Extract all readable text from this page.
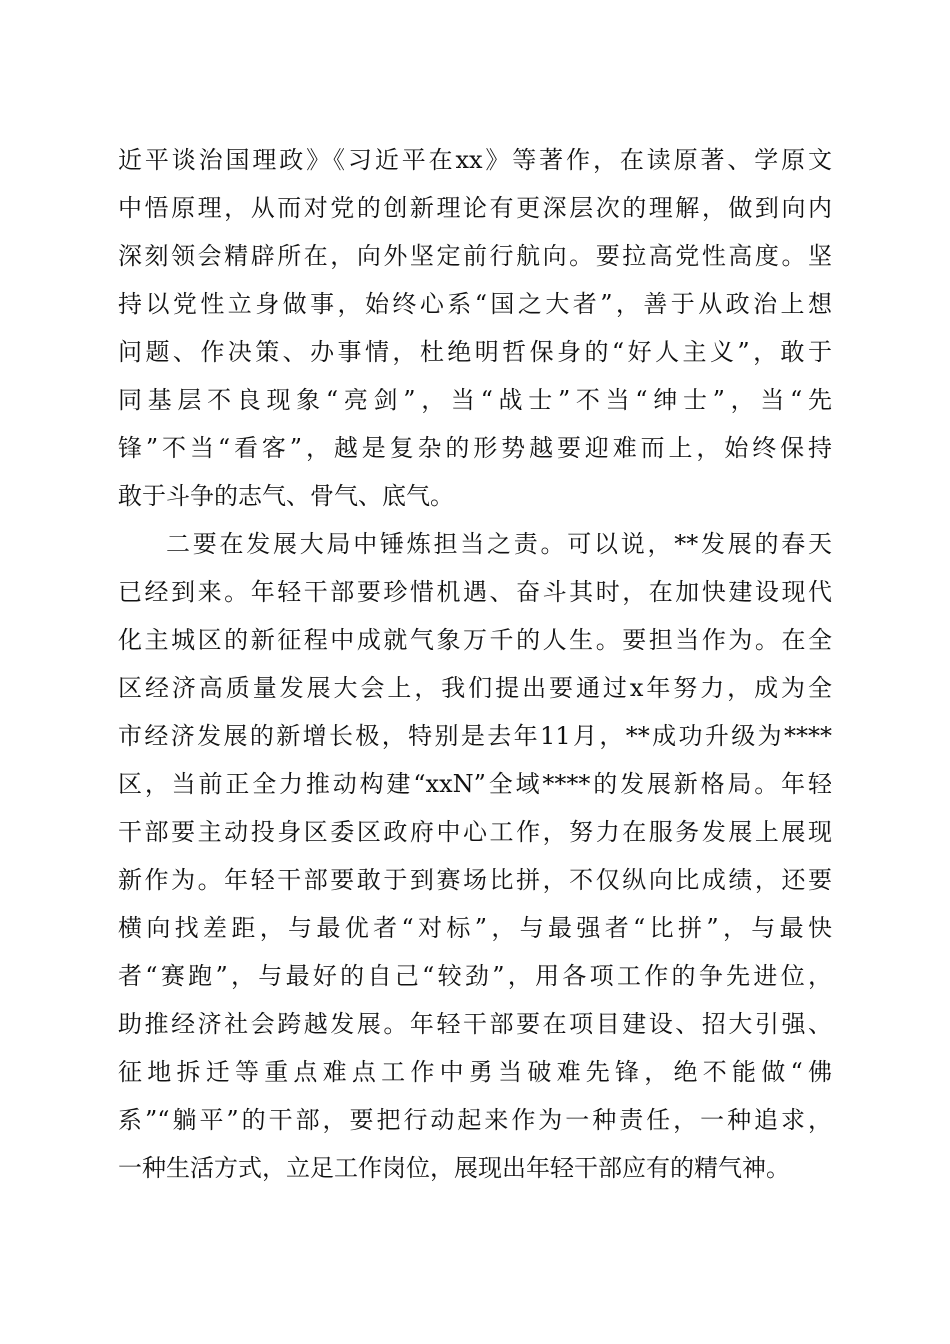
近平谈治国理政》《习近平在xx》等著作，在读原著、学原文
中悟原理，从而对党的创新理论有更深层次的理解，做到向内
深刻领会精辟所在，向外坚定前行航向。要拉高党性高度。坚
持以党性立身做事，始终心系“国之大者”，善于从政治上想
问题、作决策、办事情，杜绝明哲保身的“好人主义”，敢于
同基层不良现象“亮剑”，当“战士”不当“绅士”，当“先
锋”不当“看客”，越是复杂的形势越要迎难而上，始终保持
敢于斗争的志气、骨气、底气。
二要在发展大局中锤炼担当之责。可以说，**发展的春天
已经到来。年轻干部要珍惜机遇、奋斗其时，在加快建设现代
化主城区的新征程中成就气象万千的人生。要担当作为。在全
区经济高质量发展大会上，我们提出要通过x年努力，成为全
市经济发展的新增长极，特别是去年11月，**成功升级为****
区，当前正全力推动构建“xxN”全域****的发展新格局。年轻
干部要主动投身区委区政府中心工作，努力在服务发展上展现
新作为。年轻干部要敢于到赛场比拼，不仅纵向比成绩，还要
横向找差距，与最优者“对标”，与最强者“比拼”，与最快
者“赛跑”，与最好的自己“较劲”，用各项工作的争先进位，
助推经济社会跨越发展。年轻干部要在项目建设、招大引强、
征地拆迁等重点难点工作中勇当破难先锋，绝不能做“佛
系”“躺平”的干部，要把行动起来作为一种责任，一种追求，
一种生活方式，立足工作岗位，展现出年轻干部应有的精气神。
